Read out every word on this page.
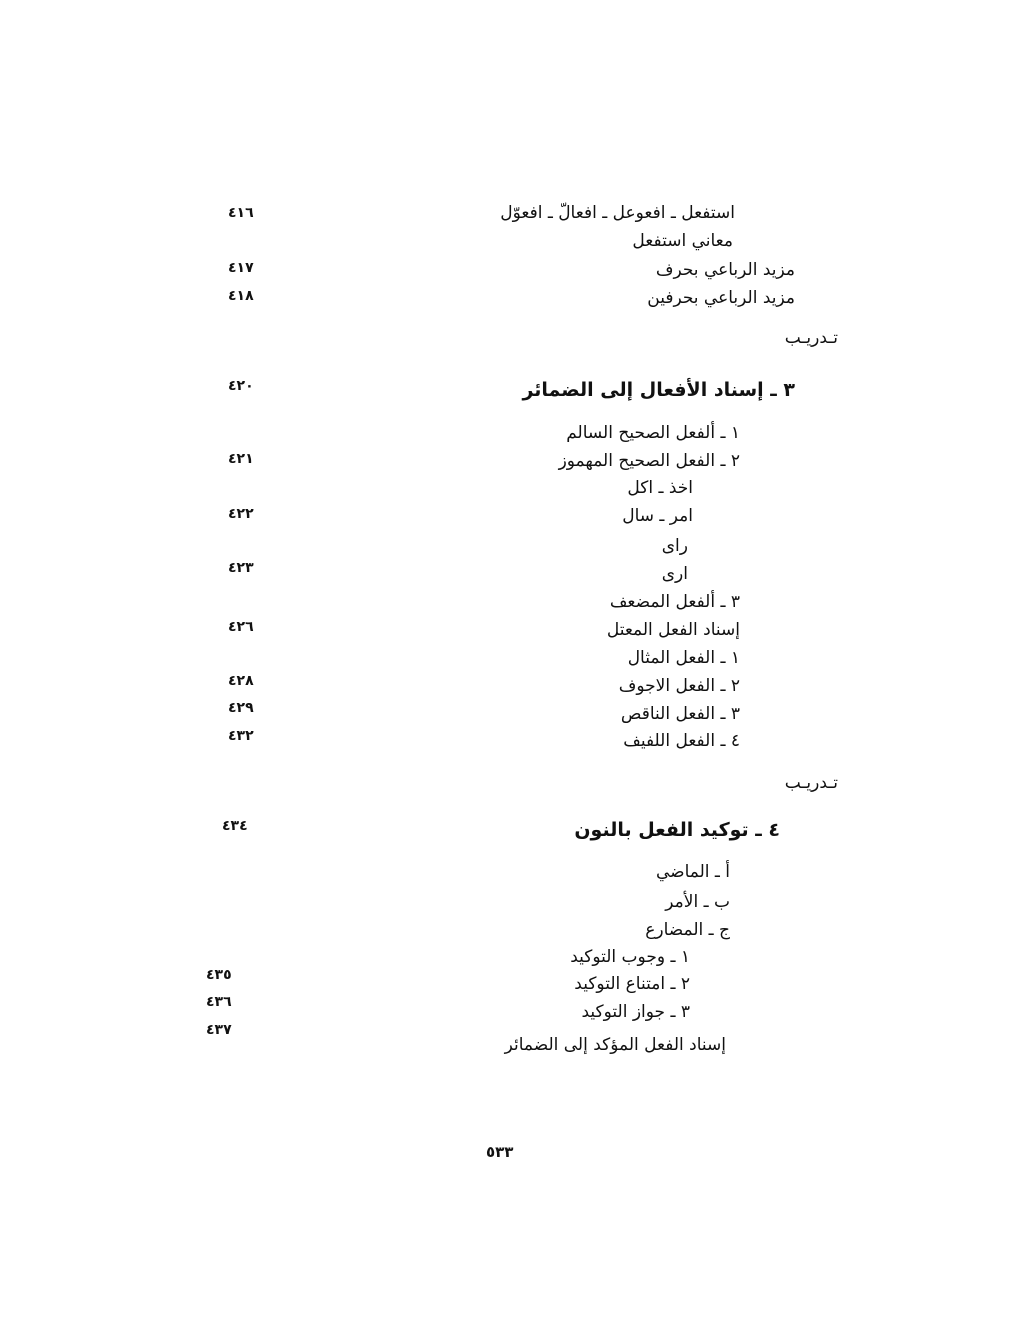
استفعل ـ افعوعل ـ افعالّ ـ افعوّل
٤١٦
معاني استفعل
مزيد الرباعي بحرف
٤١٧
مزيد الرباعي بحرفين
٤١٨
تـدريـب
٣ ـ إسناد الأفعال إلى الضمائر
٤٢٠
١ ـ ألفعل الصحيح السالم
٢ ـ الفعل الصحيح المهموز
٤٢١
اخذ ـ اكل
امر ـ سال
٤٢٢
راى
ارى
٤٢٣
٣ ـ ألفعل المضعف
إسناد الفعل المعتل
٤٢٦
١ ـ الفعل المثال
٢ ـ الفعل الاجوف
٤٢٨
٣ ـ الفعل الناقص
٤٢٩
٤ ـ الفعل اللفيف
٤٣٢
تـدريـب
٤ ـ توكيد الفعل بالنون
٤٣٤
أ ـ الماضي
ب ـ الأمر
ج ـ المضارع
١ ـ وجوب التوكيد
٢ ـ امتناع التوكيد
٤٣٥
٣ ـ جواز التوكيد
٤٣٦
إسناد الفعل المؤكد إلى الضمائر
٤٣٧
٥٣٣
